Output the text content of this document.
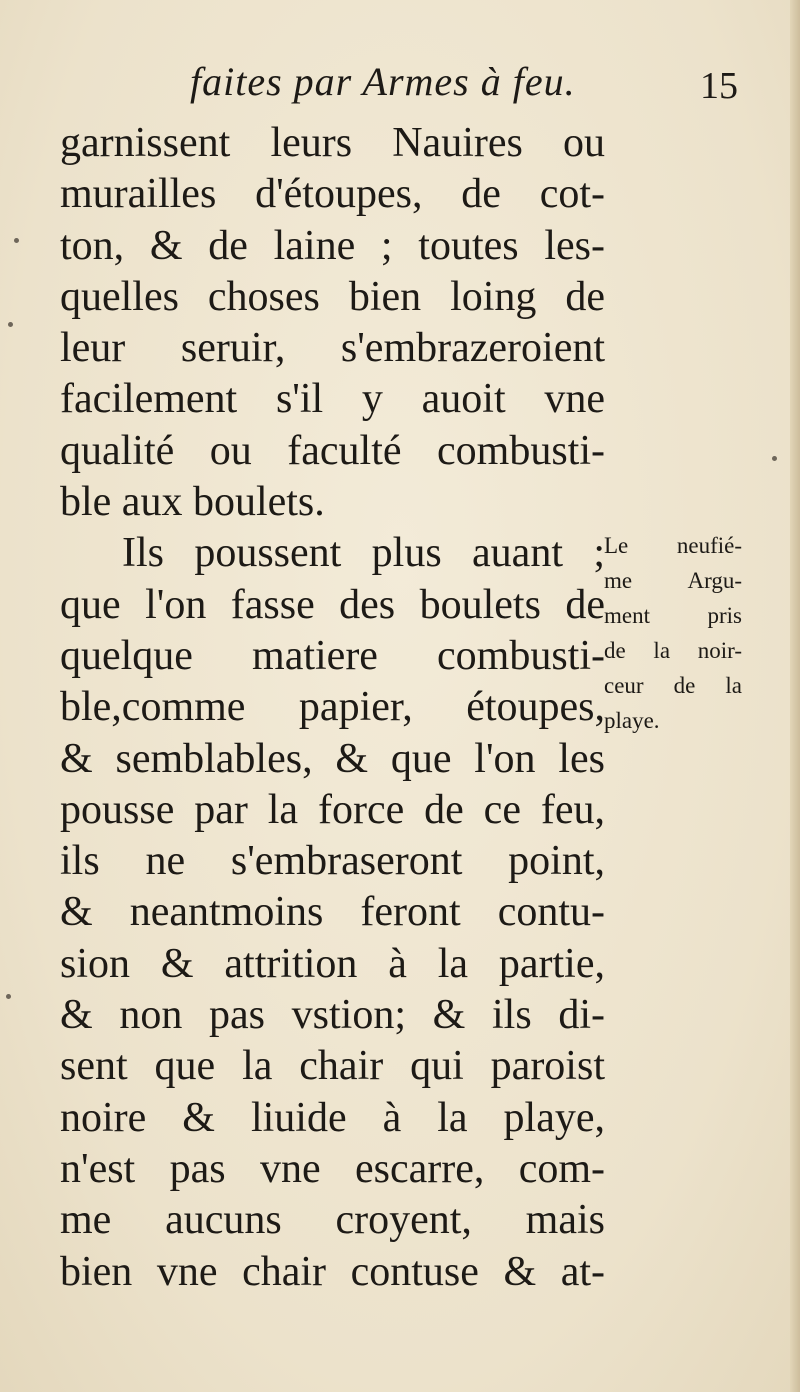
faites par Armes à feu.	15
garnissent leurs Nauires ou
murailles d'étoupes, de cot-
ton, & de laine ; toutes les-
quelles choses bien loing de
leur seruir, s'embrazeroient
facilement s'il y auoit vne
qualité ou faculté combusti-
ble aux boulets.
Ils poussent plus auant ;
que l'on fasse des boulets de
quelque matiere combusti-
ble,comme papier, étoupes,
& semblables, & que l'on les
pousse par la force de ce feu,
ils ne s'embraseront point,
& neantmoins feront contu-
sion & attrition à la partie,
& non pas vstion; & ils di-
sent que la chair qui paroist
noire & liuide à la playe,
n'est pas vne escarre, com-
me aucuns croyent, mais
bien vne chair contuse & at-
Le neufié-
me Argu-
ment pris
de la noir-
ceur de la
playe.
